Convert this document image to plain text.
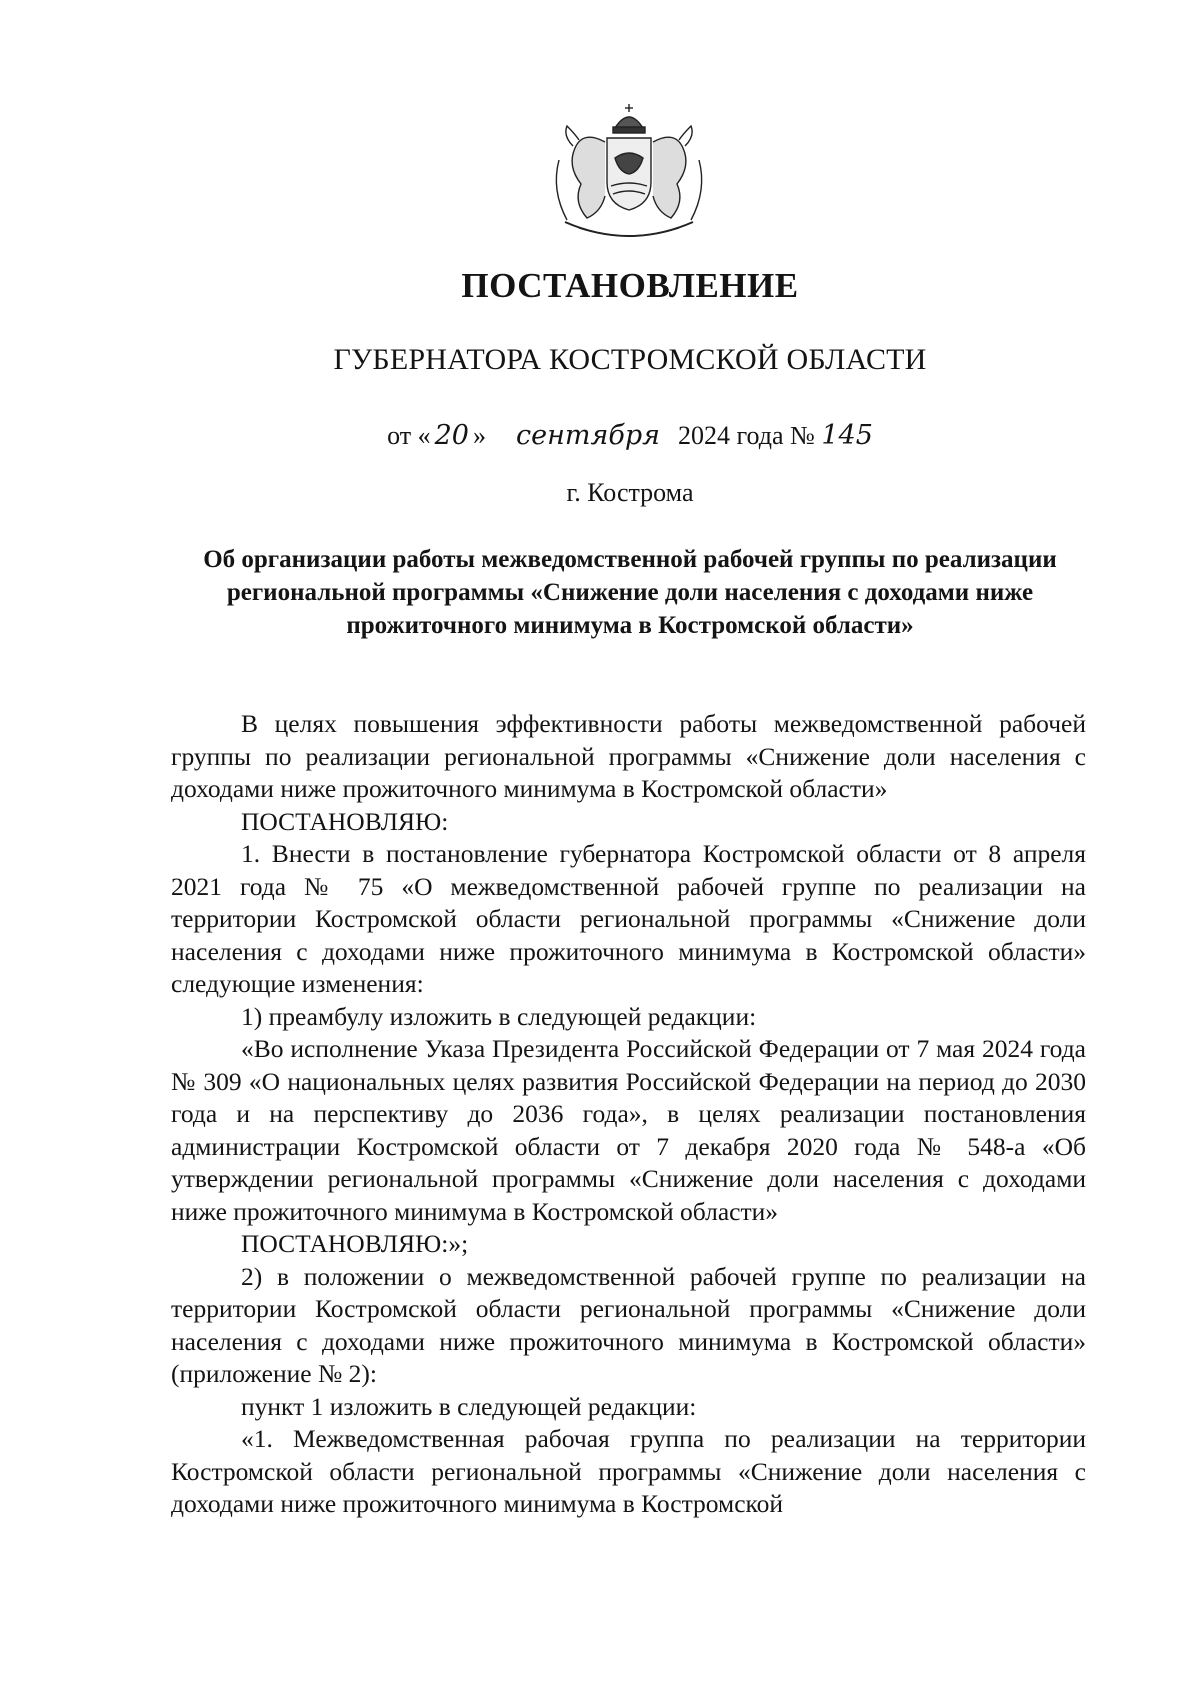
ПОСТАНОВЛЕНИЕ
ГУБЕРНАТОРА КОСТРОМСКОЙ ОБЛАСТИ
от « 20 » сентября 2024 года № 145
г. Кострома
Об организации работы межведомственной рабочей группы по реализации региональной программы «Снижение доли населения с доходами ниже прожиточного минимума в Костромской области»

В целях повышения эффективности работы межведомственной рабочей группы по реализации региональной программы «Снижение доли населения с доходами ниже прожиточного минимума в Костромской области»

ПОСТАНОВЛЯЮ:

1. Внести в постановление губернатора Костромской области от 8 апреля 2021 года № 75 «О межведомственной рабочей группе по реализации на территории Костромской области региональной программы «Снижение доли населения с доходами ниже прожиточного минимума в Костромской области» следующие изменения:

1) преамбулу изложить в следующей редакции:

«Во исполнение Указа Президента Российской Федерации от 7 мая 2024 года № 309 «О национальных целях развития Российской Федерации на период до 2030 года и на перспективу до 2036 года», в целях реализации постановления администрации Костромской области от 7 декабря 2020 года № 548-а «Об утверждении региональной программы «Снижение доли населения с доходами ниже прожиточного минимума в Костромской области»

ПОСТАНОВЛЯЮ:»;

2) в положении о межведомственной рабочей группе по реализации на территории Костромской области региональной программы «Снижение доли населения с доходами ниже прожиточного минимума в Костромской области» (приложение № 2):

пункт 1 изложить в следующей редакции:

«1. Межведомственная рабочая группа по реализации на территории Костромской области региональной программы «Снижение доли населения с доходами ниже прожиточного минимума в Костромской
